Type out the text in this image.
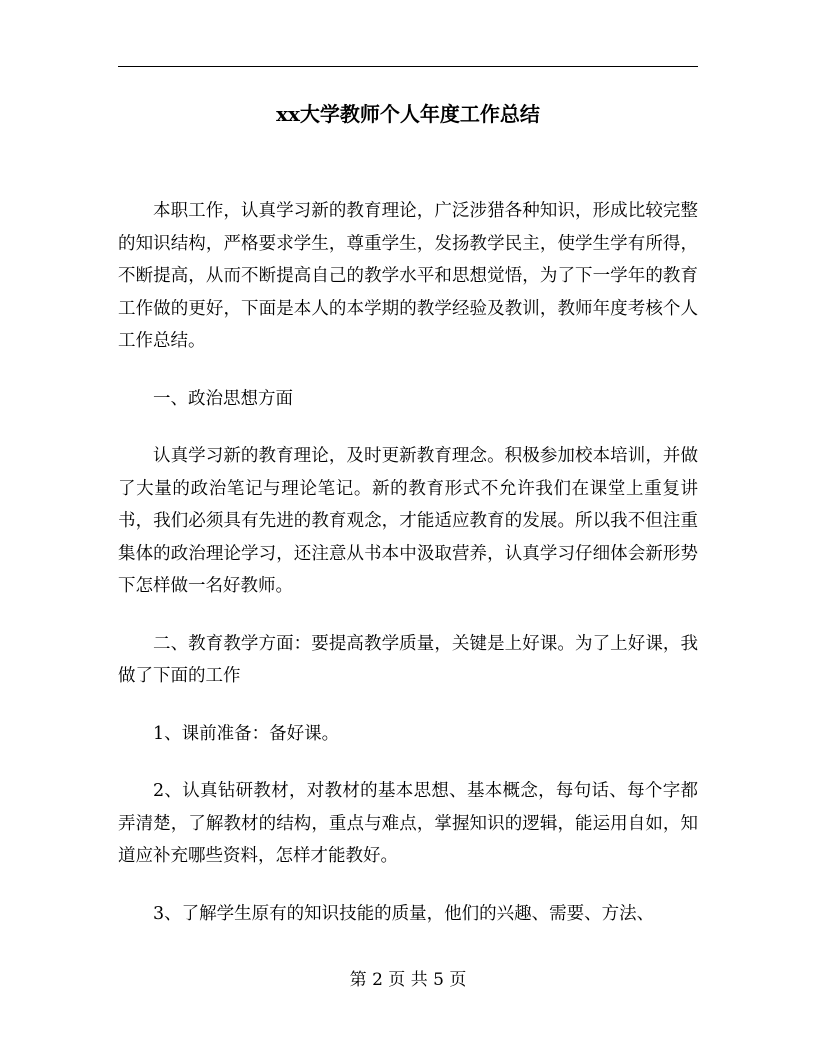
xx大学教师个人年度工作总结

本职工作，认真学习新的教育理论，广泛涉猎各种知识，形成比较完整的知识结构，严格要求学生，尊重学生，发扬教学民主，使学生学有所得，不断提高，从而不断提高自己的教学水平和思想觉悟，为了下一学年的教育工作做的更好，下面是本人的本学期的教学经验及教训，教师年度考核个人工作总结。

一、政治思想方面

认真学习新的教育理论，及时更新教育理念。积极参加校本培训，并做了大量的政治笔记与理论笔记。新的教育形式不允许我们在课堂上重复讲书，我们必须具有先进的教育观念，才能适应教育的发展。所以我不但注重集体的政治理论学习，还注意从书本中汲取营养，认真学习仔细体会新形势下怎样做一名好教师。

二、教育教学方面：要提高教学质量，关键是上好课。为了上好课，我做了下面的工作

1、课前准备：备好课。

2、认真钻研教材，对教材的基本思想、基本概念，每句话、每个字都弄清楚，了解教材的结构，重点与难点，掌握知识的逻辑，能运用自如，知道应补充哪些资料，怎样才能教好。

3、了解学生原有的知识技能的质量，他们的兴趣、需要、方法、

第 2 页 共 5 页
